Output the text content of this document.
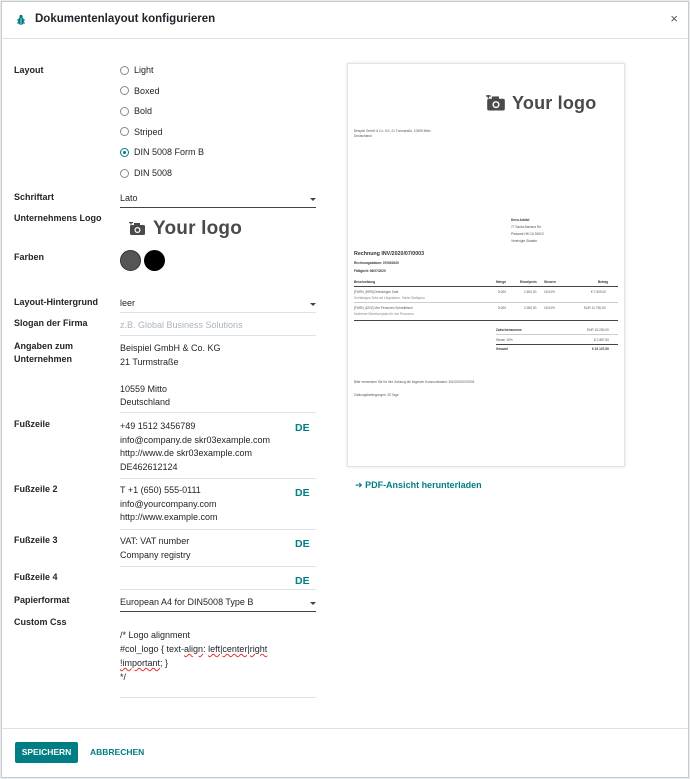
Dokumentenlayout konfigurieren	×
Layout	Light
Boxed
Bold
Striped
DIN 5008 Form B
DIN 5008
Schriftart	Lato
Unternehmens Logo	Your logo
Farben
Layout-Hintergrund leer
Slogan der Firma	z.B. Global Business Solutions
Angaben zum
Unternehmen
Beispiel GmbH & Co. KG
21 Turmstraße
10559 Mitto
Deutschland
Fußzeile	+49 1512 3456789
info@company.de skr03example.com
http://www.de skr03example.com
DE462612124
DE
Fußzeile 2	T +1 (650) 555-0111
info@yourcompany.com
http://www.example.com
DE
Fußzeile 3	VAT: VAT number
Company registry
DE
Fußzeile 4	DE
Papierformat	European A4 for DIN5008 Type B
Custom Css
/* Logo alignment
#col_logo { text-align: left|center|right
!important; }
*/
Your logo
Beispiel GmbH & Co. KG, 21 Turmstraße, 10559 Mitto
Deutschland
Deco Addict
77 Santa Barbara Rd
Pleasant Hill CA 94523
Vereinigte Staaten
Rechnung INV/2020/07/0003
Rechnungsdatum: 07/08/2020
Fälligkeit: 06/07/2020
Beschreibung	Menge	Einzelpreis Steuern	Betrag
[FURN_8999] Dreisitziges Sofa
Dreisitziges Sofa mit Liegesitzen. Farbe Stahlgrau
5.000	1.500,00 15.00%	€ 7.500,00
[FURN_8220] Vier Personen Schreibtisch
Moderner Bürotischplatz für vier Personen
5.000	2.350,00 15.00%	EUR 11.750,00
Zwischensumme	EUR 19.250,00
Steuer 15%	$ 2.887,50
Gesamt	€ 22.137,50
Bitte verwenden Sie für Ihre Zahlung die folgende Kommunikation: INV/2020/07/0003
Zahlungsbedingungen: 30 Tage
➜ PDF-Ansicht herunterladen
SPEICHERN	ABBRECHEN
